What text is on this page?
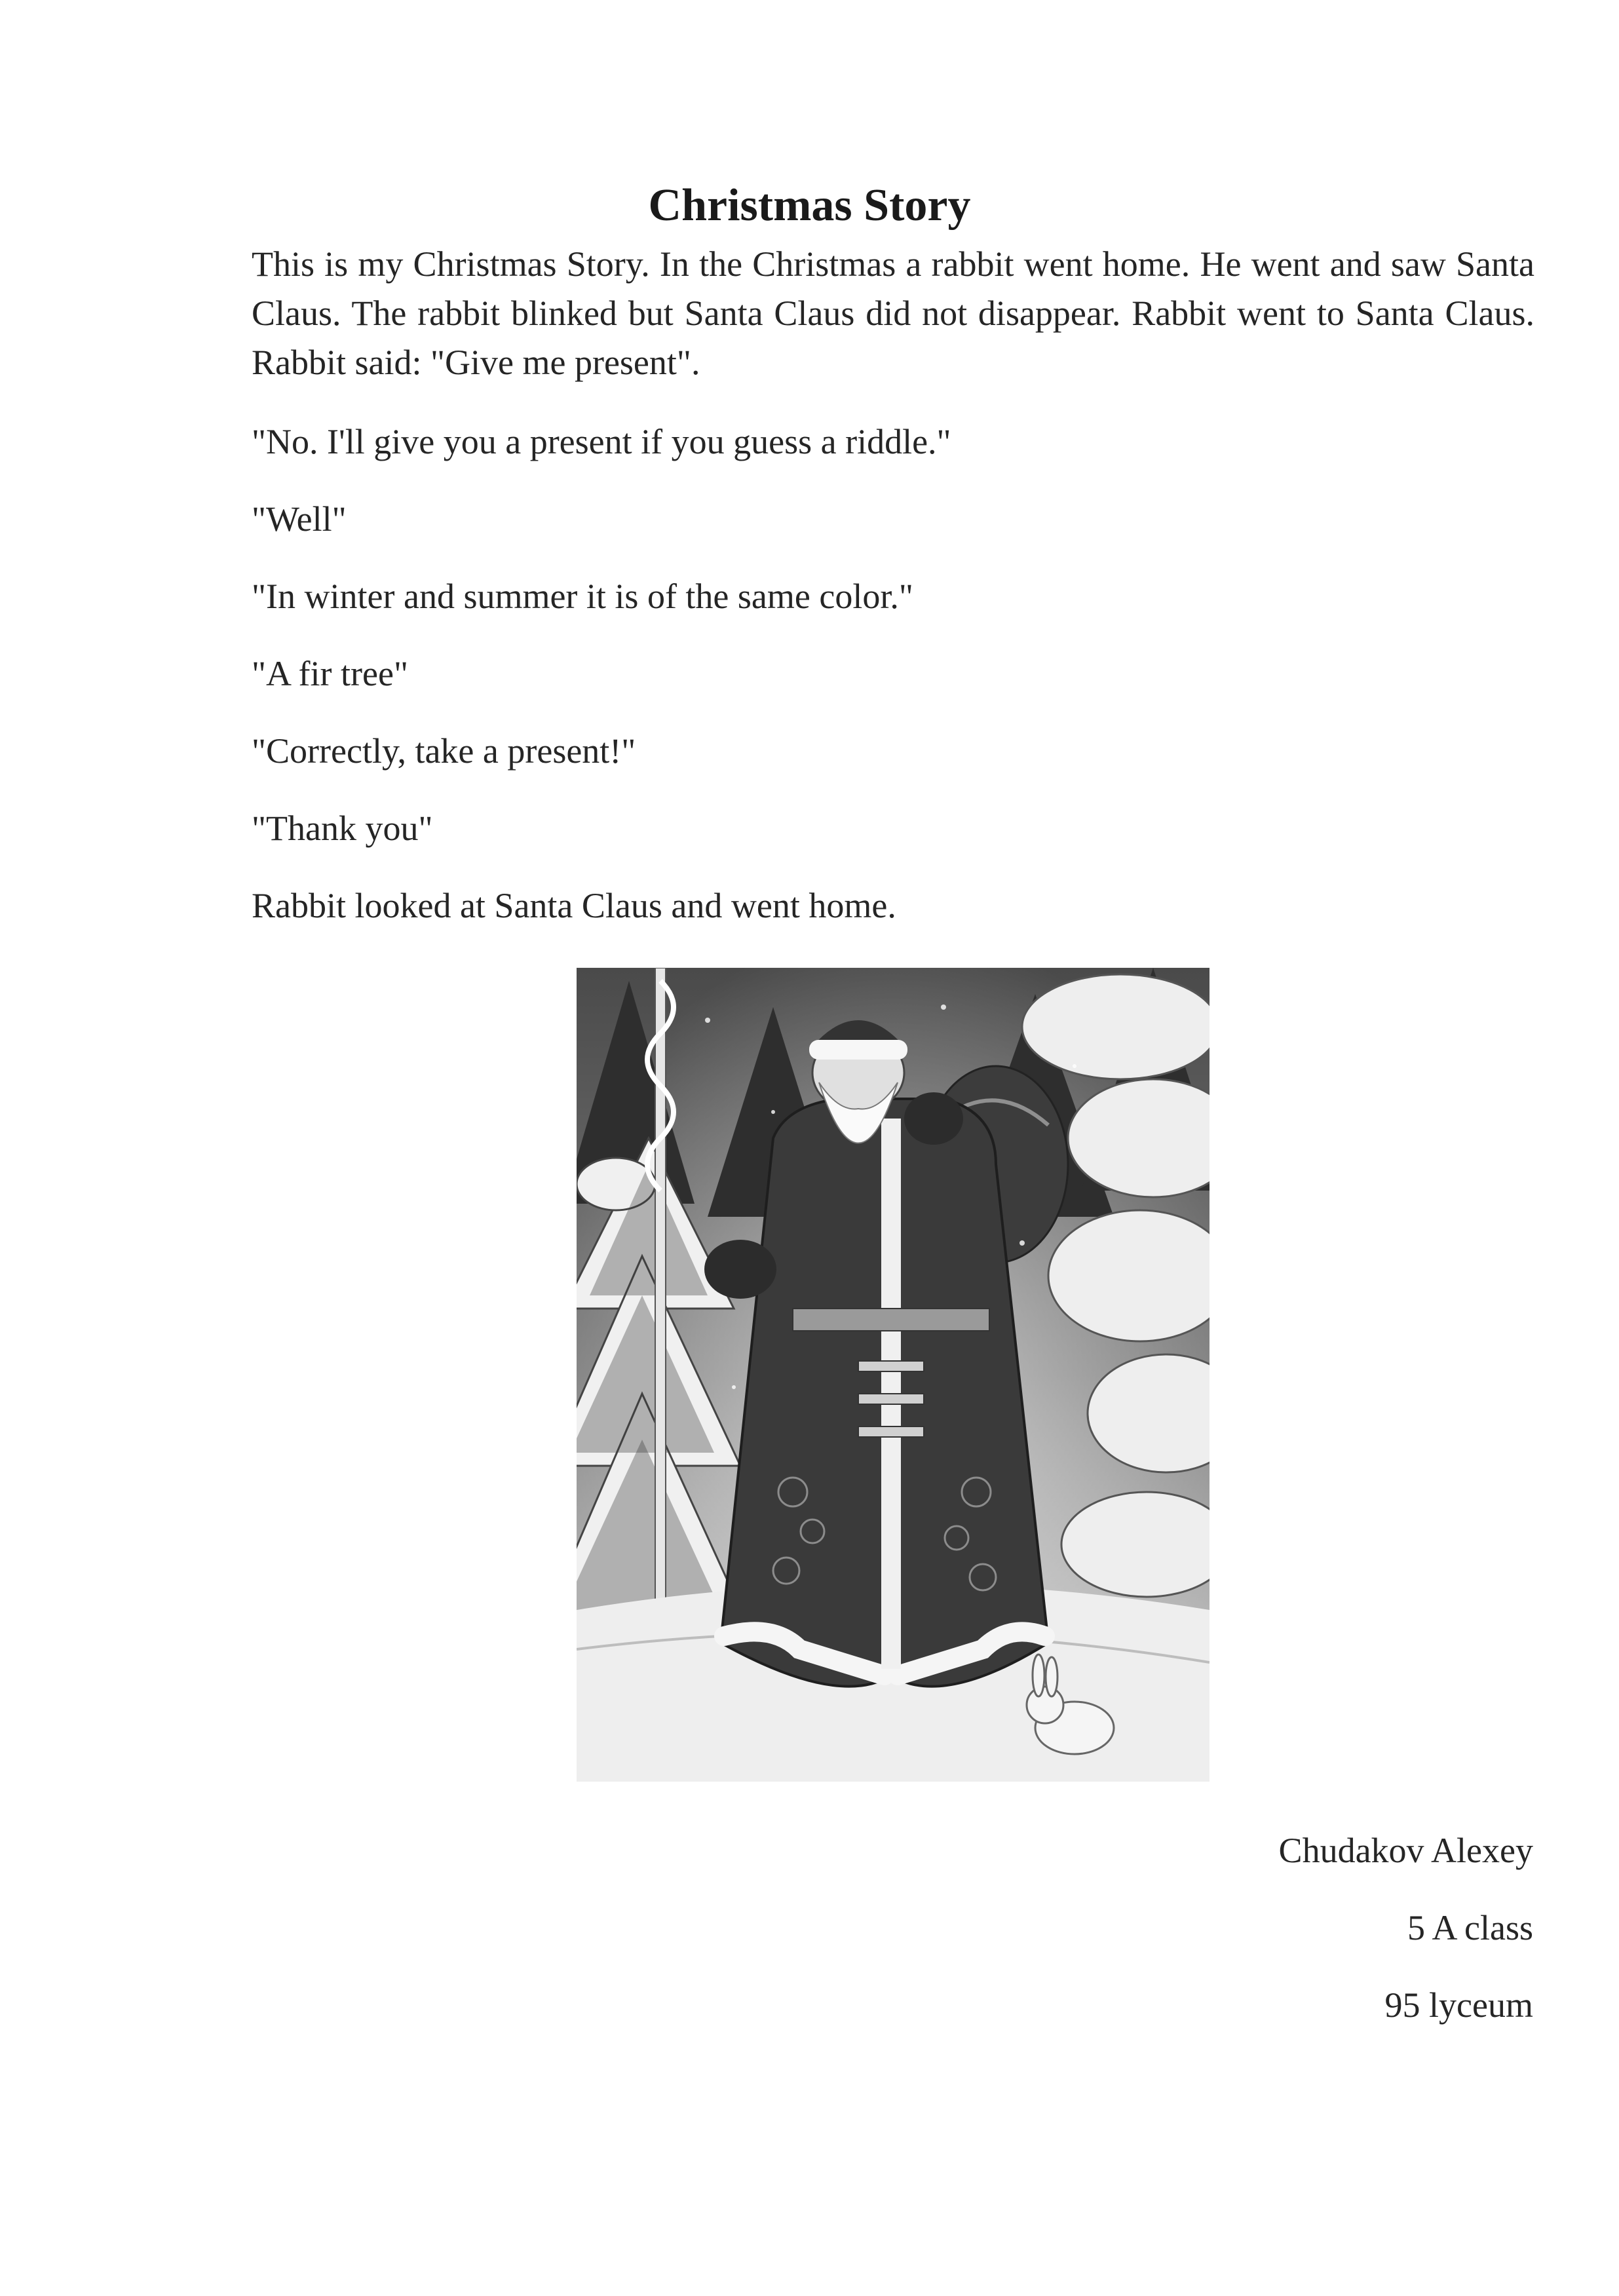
Christmas Story

This is my Christmas Story. In the Christmas a rabbit went home. He went and saw Santa Claus. The rabbit blinked but Santa Claus did not disappear. Rabbit went to Santa Claus. Rabbit said: "Give me present".

"No. I'll give you a present if you guess a riddle."

"Well"

"In winter and summer it is of the same color."

"A fir tree"

"Correctly, take a present!"

"Thank you"

Rabbit looked at Santa Claus and went home.

Chudakov Alexey
5 A class
95 lyceum
